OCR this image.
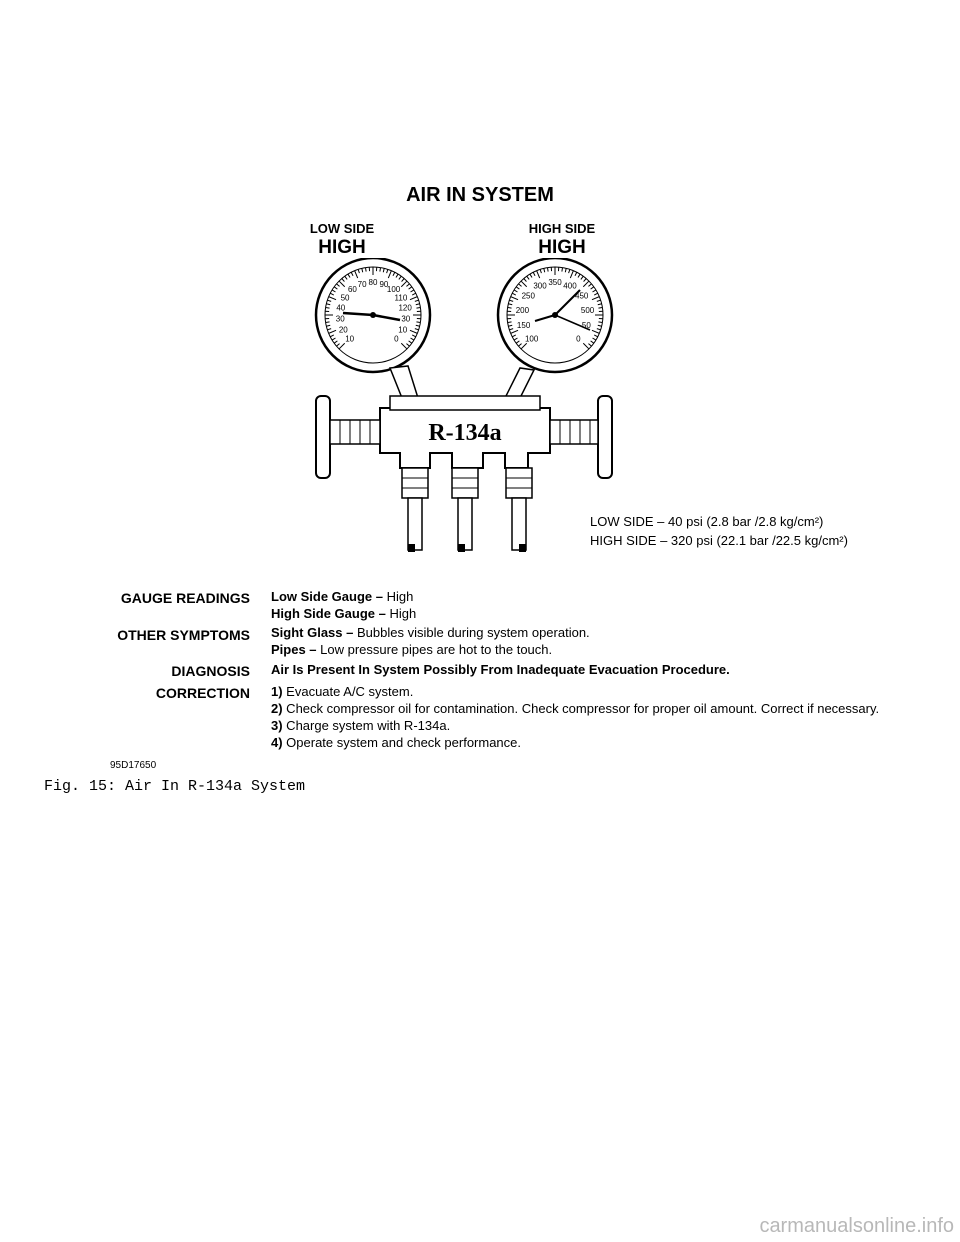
AIR IN SYSTEM
LOW SIDE
HIGH
HIGH SIDE
HIGH
10
20
30
40
50
60
70 80 90
100
110
120
30
10
0	100
150
200
250
300 350 400
450
500
50
0
R-134a
LOW SIDE – 40 psi (2.8 bar /2.8 kg/cm²)
HIGH SIDE – 320 psi (22.1 bar /22.5 kg/cm²)
GAUGE READINGS Low Side Gauge – High
High Side Gauge – High
OTHER SYMPTOMS Sight Glass – Bubbles visible during system operation.
Pipes – Low pressure pipes are hot to the touch.
DIAGNOSIS Air Is Present In System Possibly From Inadequate Evacuation Procedure.
CORRECTION 1) Evacuate A/C system.
2) Check compressor oil for contamination. Check compressor for proper oil amount. Correct if necessary.
3) Charge system with R-134a.
4) Operate system and check performance.
95D17650
Fig. 15: Air In R-134a System
carmanualsonline.info
